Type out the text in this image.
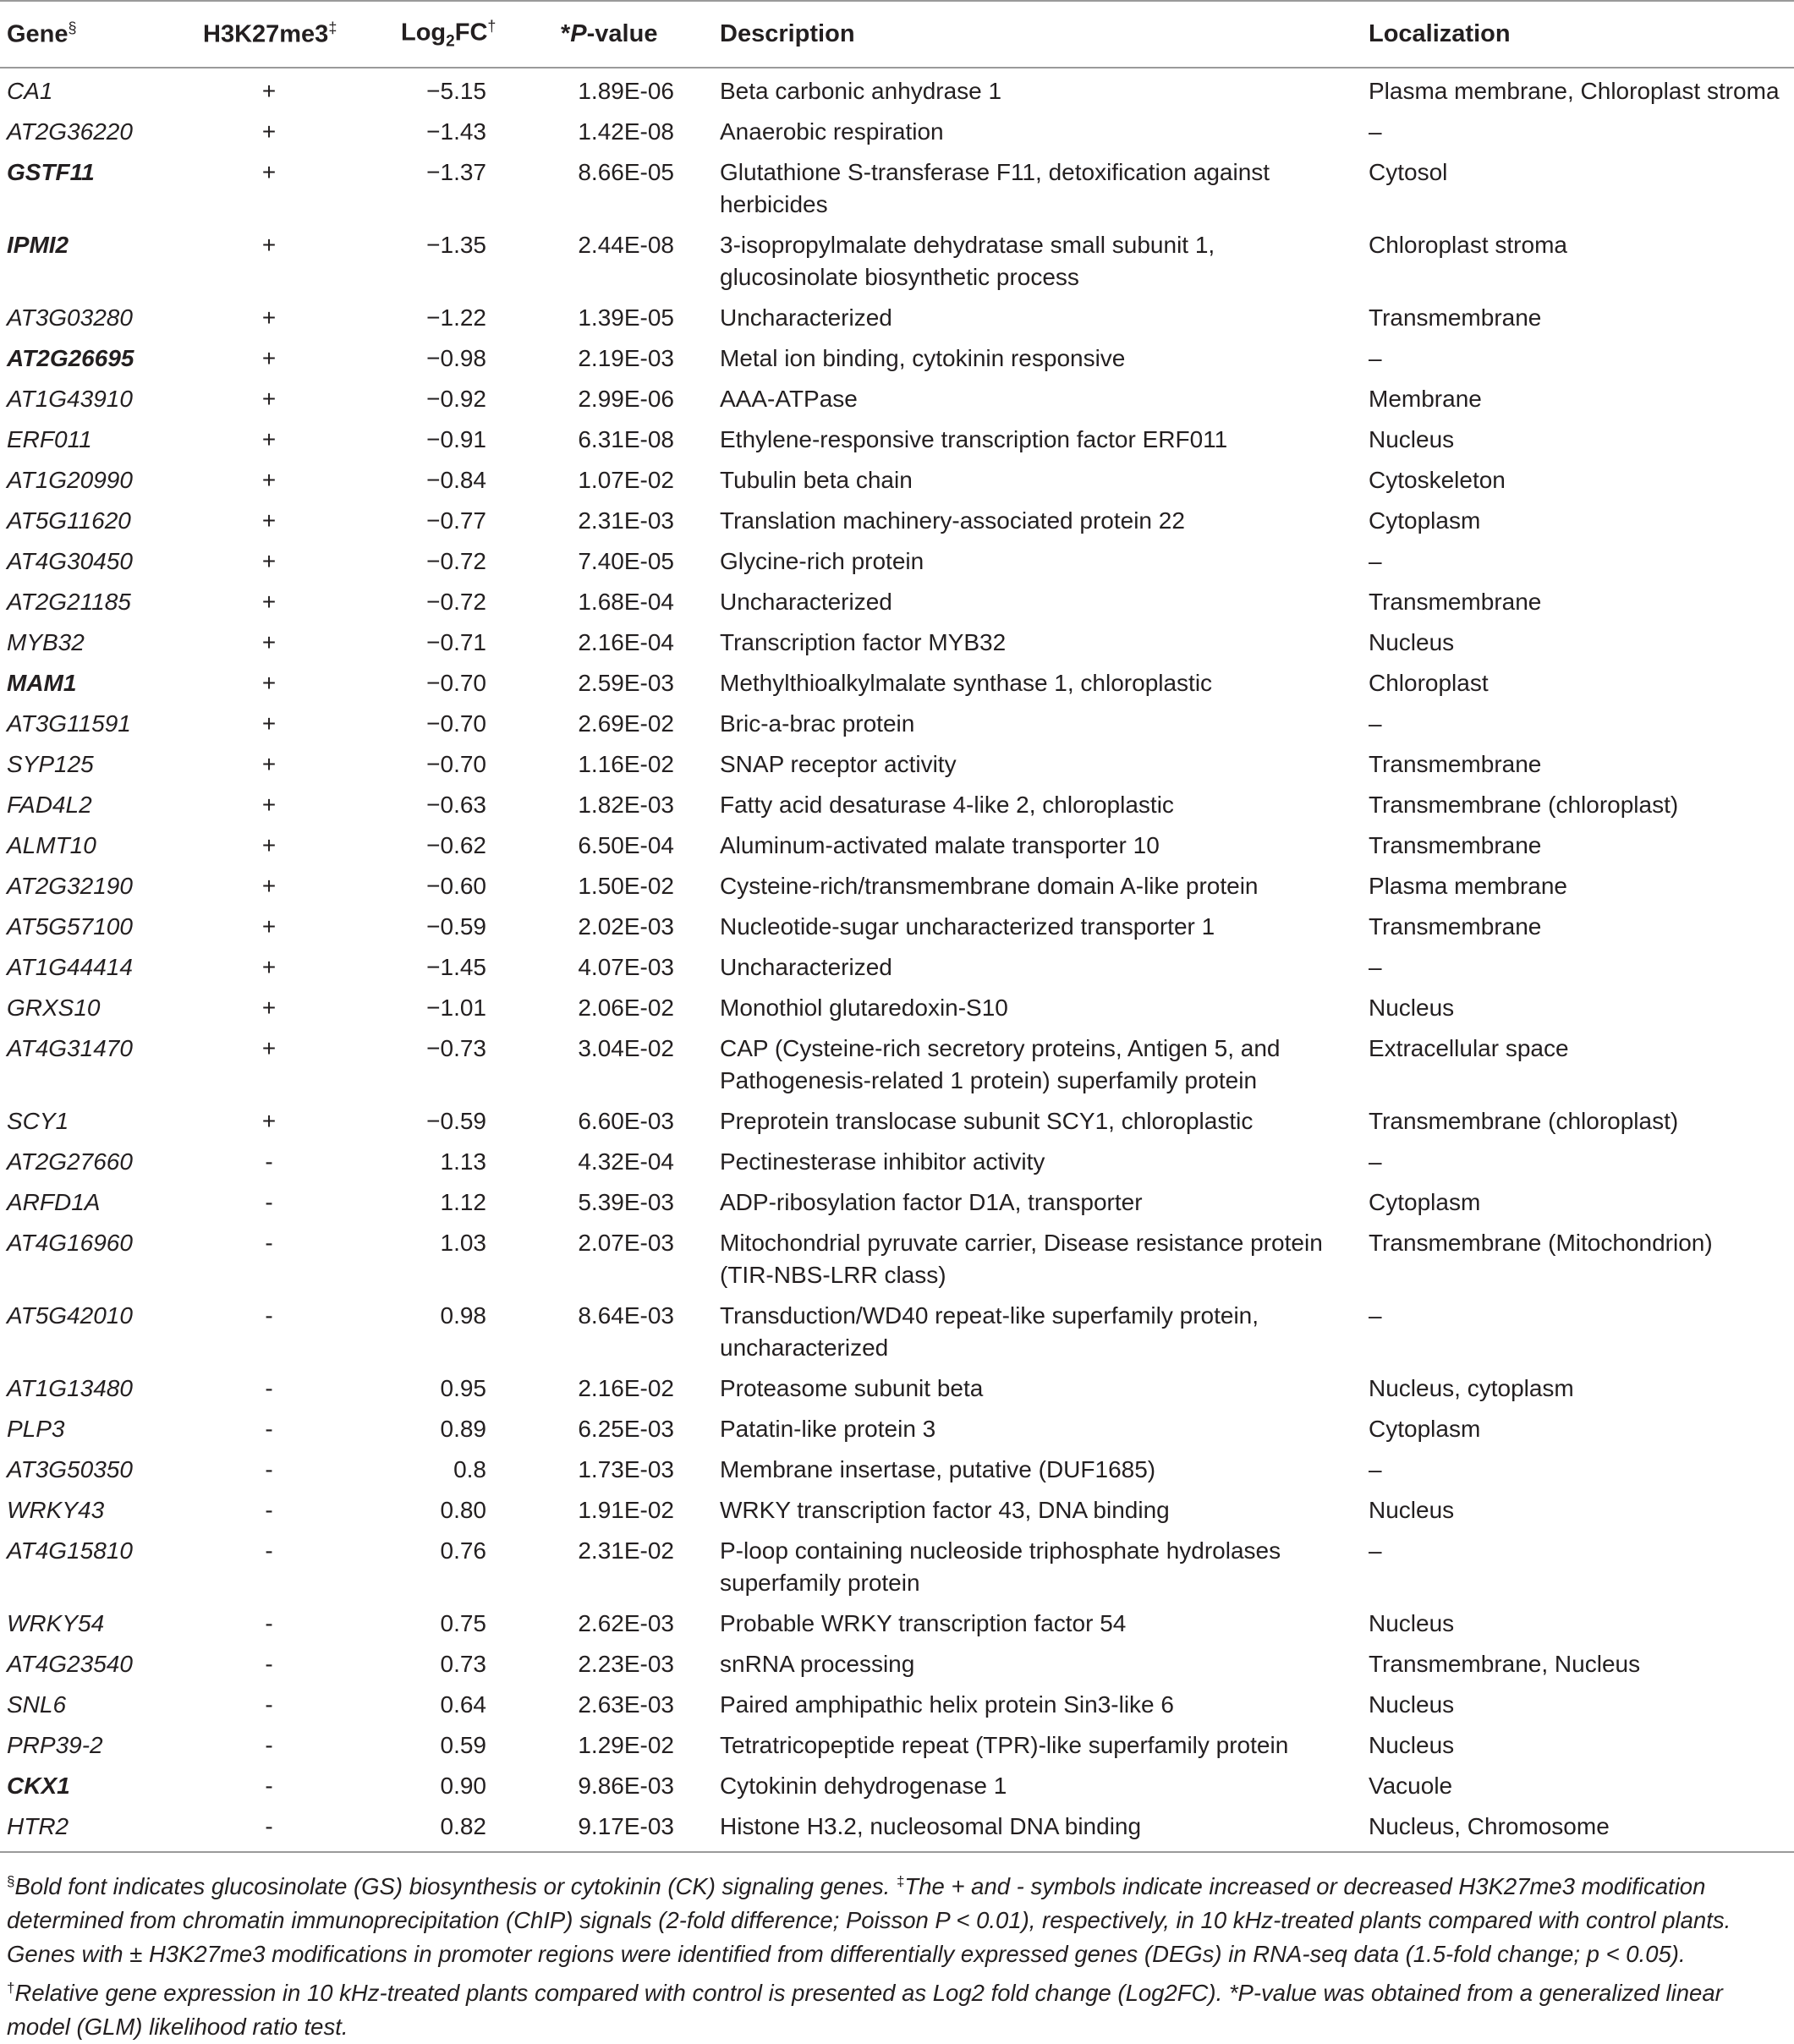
Gene§	H3K27me3‡	Log$_2$FC†	*P-value	Description	Localization
CA1	+	−5.15	1.89E-06	Beta carbonic anhydrase 1	Plasma membrane, Chloroplast stroma
AT2G36220	+	−1.43	1.42E-08	Anaerobic respiration	–
GSTF11	+	−1.37	8.66E-05	Glutathione S-transferase F11, detoxification against herbicides	Cytosol
IPMI2	+	−1.35	2.44E-08	3-isopropylmalate dehydratase small subunit 1, glucosinolate biosynthetic process	Chloroplast stroma
AT3G03280	+	−1.22	1.39E-05	Uncharacterized	Transmembrane
AT2G26695	+	−0.98	2.19E-03	Metal ion binding, cytokinin responsive	–
AT1G43910	+	−0.92	2.99E-06	AAA-ATPase	Membrane
ERF011	+	−0.91	6.31E-08	Ethylene-responsive transcription factor ERF011	Nucleus
AT1G20990	+	−0.84	1.07E-02	Tubulin beta chain	Cytoskeleton
AT5G11620	+	−0.77	2.31E-03	Translation machinery-associated protein 22	Cytoplasm
AT4G30450	+	−0.72	7.40E-05	Glycine-rich protein	–
AT2G21185	+	−0.72	1.68E-04	Uncharacterized	Transmembrane
MYB32	+	−0.71	2.16E-04	Transcription factor MYB32	Nucleus
MAM1	+	−0.70	2.59E-03	Methylthioalkylmalate synthase 1, chloroplastic	Chloroplast
AT3G11591	+	−0.70	2.69E-02	Bric-a-brac protein	–
SYP125	+	−0.70	1.16E-02	SNAP receptor activity	Transmembrane
FAD4L2	+	−0.63	1.82E-03	Fatty acid desaturase 4-like 2, chloroplastic	Transmembrane (chloroplast)
ALMT10	+	−0.62	6.50E-04	Aluminum-activated malate transporter 10	Transmembrane
AT2G32190	+	−0.60	1.50E-02	Cysteine-rich/transmembrane domain A-like protein	Plasma membrane
AT5G57100	+	−0.59	2.02E-03	Nucleotide-sugar uncharacterized transporter 1	Transmembrane
AT1G44414	+	−1.45	4.07E-03	Uncharacterized	–
GRXS10	+	−1.01	2.06E-02	Monothiol glutaredoxin-S10	Nucleus
AT4G31470	+	−0.73	3.04E-02	CAP (Cysteine-rich secretory proteins, Antigen 5, and Pathogenesis-related 1 protein) superfamily protein	Extracellular space
SCY1	+	−0.59	6.60E-03	Preprotein translocase subunit SCY1, chloroplastic	Transmembrane (chloroplast)
AT2G27660	-	1.13	4.32E-04	Pectinesterase inhibitor activity	–
ARFD1A	-	1.12	5.39E-03	ADP-ribosylation factor D1A, transporter	Cytoplasm
AT4G16960	-	1.03	2.07E-03	Mitochondrial pyruvate carrier, Disease resistance protein (TIR-NBS-LRR class)	Transmembrane (Mitochondrion)
AT5G42010	-	0.98	8.64E-03	Transduction/WD40 repeat-like superfamily protein, uncharacterized	–
AT1G13480	-	0.95	2.16E-02	Proteasome subunit beta	Nucleus, cytoplasm
PLP3	-	0.89	6.25E-03	Patatin-like protein 3	Cytoplasm
AT3G50350	-	0.8	1.73E-03	Membrane insertase, putative (DUF1685)	–
WRKY43	-	0.80	1.91E-02	WRKY transcription factor 43, DNA binding	Nucleus
AT4G15810	-	0.76	2.31E-02	P-loop containing nucleoside triphosphate hydrolases superfamily protein	–
WRKY54	-	0.75	2.62E-03	Probable WRKY transcription factor 54	Nucleus
AT4G23540	-	0.73	2.23E-03	snRNA processing	Transmembrane, Nucleus
SNL6	-	0.64	2.63E-03	Paired amphipathic helix protein Sin3-like 6	Nucleus
PRP39-2	-	0.59	1.29E-02	Tetratricopeptide repeat (TPR)-like superfamily protein	Nucleus
CKX1	-	0.90	9.86E-03	Cytokinin dehydrogenase 1	Vacuole
HTR2	-	0.82	9.17E-03	Histone H3.2, nucleosomal DNA binding	Nucleus, Chromosome

§Bold font indicates glucosinolate (GS) biosynthesis or cytokinin (CK) signaling genes. ‡The + and - symbols indicate increased or decreased H3K27me3 modification determined from chromatin immunoprecipitation (ChIP) signals (2-fold difference; Poisson P < 0.01), respectively, in 10 kHz-treated plants compared with control plants. Genes with ± H3K27me3 modifications in promoter regions were identified from differentially expressed genes (DEGs) in RNA-seq data (1.5-fold change; p < 0.05).

†Relative gene expression in 10 kHz-treated plants compared with control is presented as Log2 fold change (Log2FC). *P-value was obtained from a generalized linear model (GLM) likelihood ratio test.
